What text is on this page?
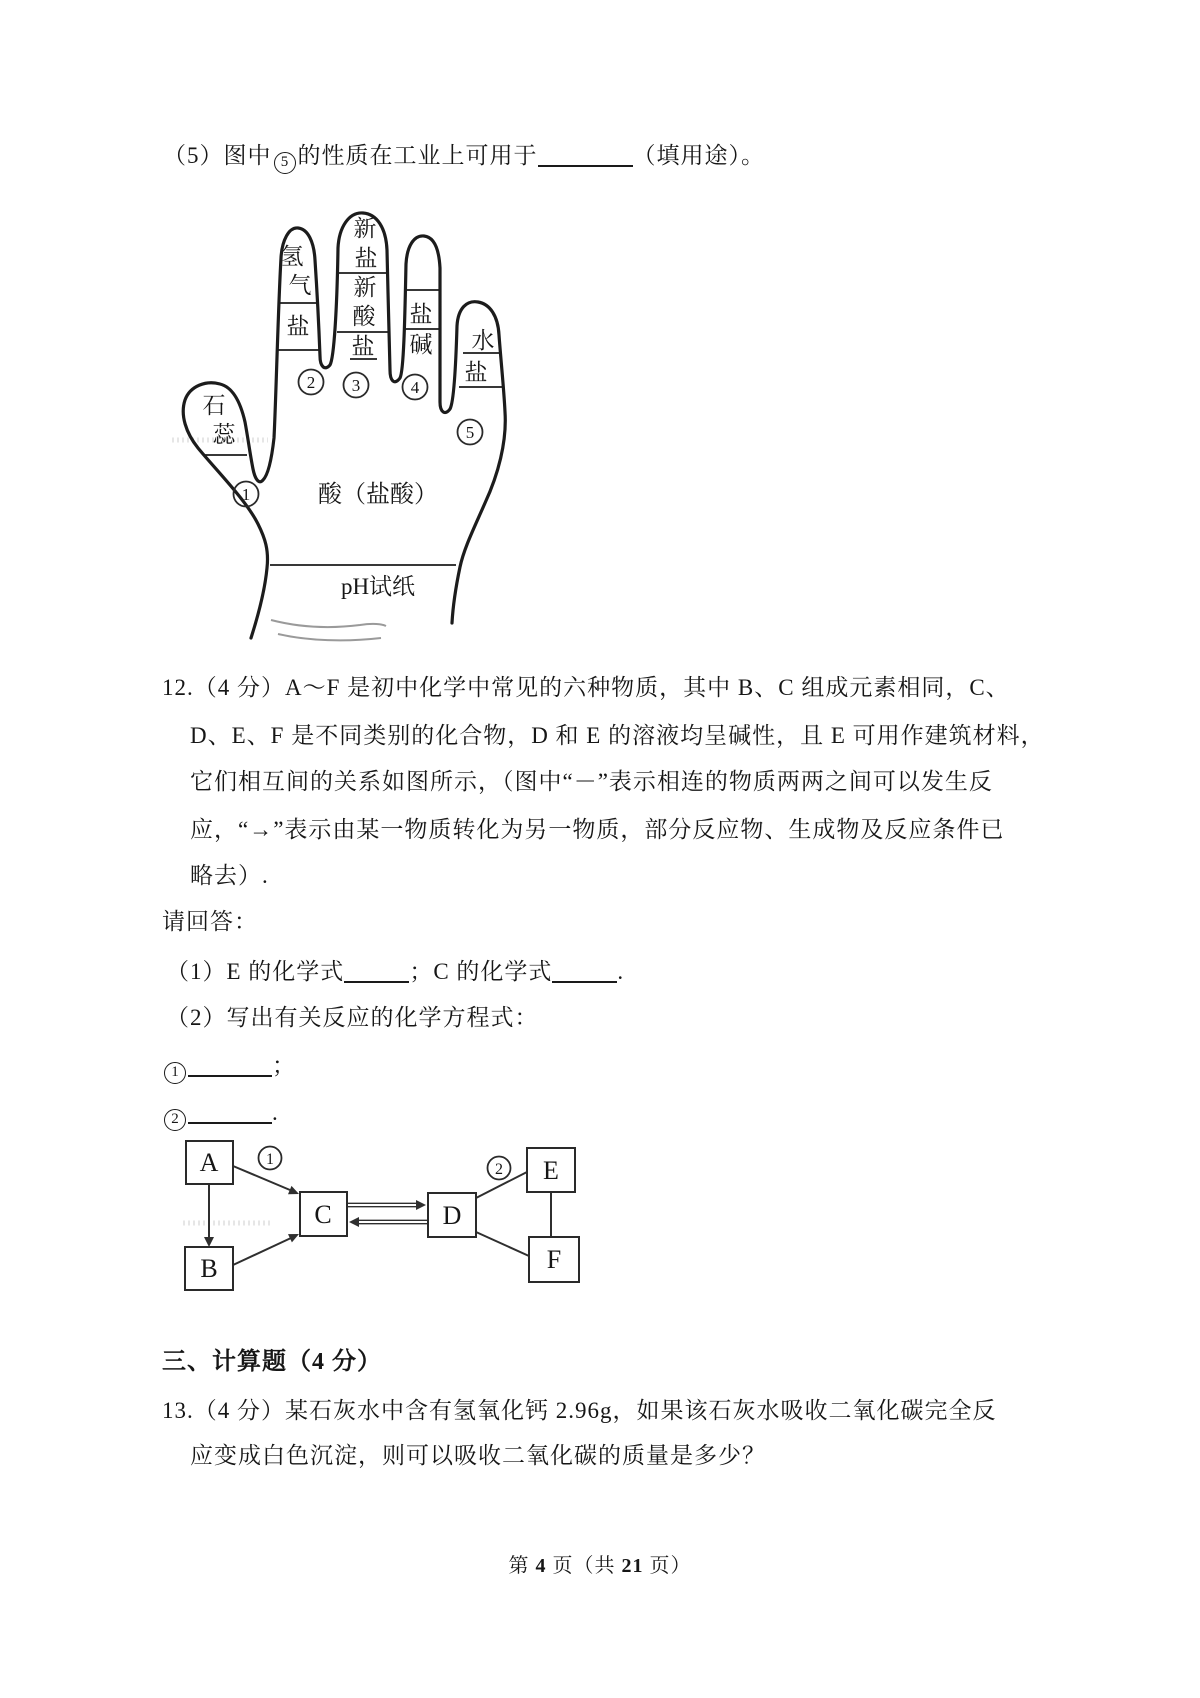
（5）图中 5 的性质在工业上可用于	（填用途）。
氢
气
盐
新
盐
新
酸
盐
盐
碱 水
盐
石
蕊
1
2 3	4
5
酸（盐酸）
pH试纸
12.（4 分）A～F 是初中化学中常见的六种物质，其中 B、C 组成元素相同，C、
D、E、F 是不同类别的化合物，D 和 E 的溶液均呈碱性，且 E 可用作建筑材料，
它们相互间的关系如图所示，（图中“－”表示相连的物质两两之间可以发生反
应，“→”表示由某一物质转化为另一物质，部分反应物、生成物及反应条件已
略去）.
请回答：
（1）E 的化学式	；C 的化学式	.
（2）写出有关反应的化学方程式：
1	；
2	.
1
2
A
B
C	D
E
F
三、计算题（4 分）
13.（4 分）某石灰水中含有氢氧化钙 2.96g，如果该石灰水吸收二氧化碳完全反
应变成白色沉淀，则可以吸收二氧化碳的质量是多少？
第 4 页（共 21 页）
